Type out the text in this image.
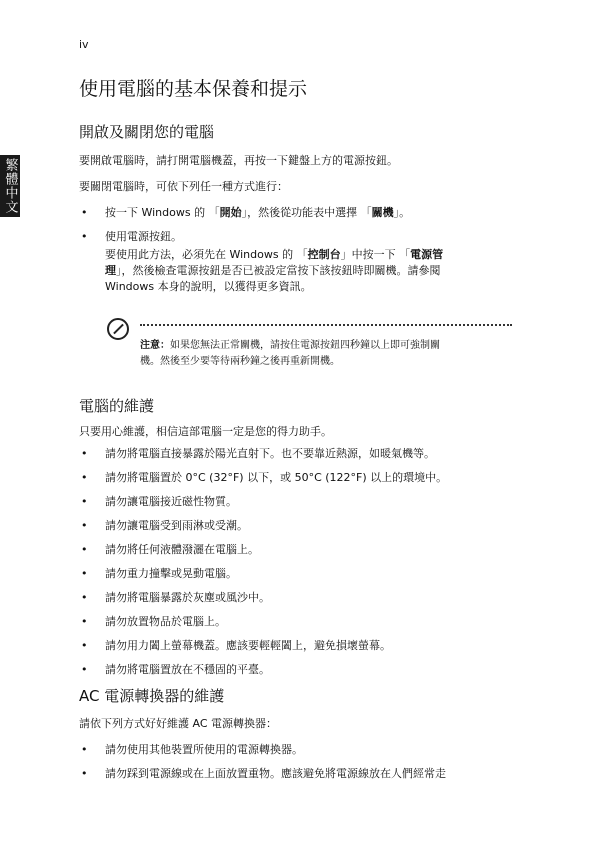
iv
繁體中文
使用電腦的基本保養和提示
開啟及關閉您的電腦

要開啟電腦時，請打開電腦機蓋，再按一下鍵盤上方的電源按鈕。

要關閉電腦時，可依下列任一種方式進行：

• 按一下 Windows 的 「開始」，然後從功能表中選擇 「關機」。
• 使用電源按鈕。

要使用此方法，必須先在 Windows 的 「控制台」中按一下 「電源管
理」，然後檢查電源按鈕是否已被設定當按下該按鈕時即關機。請參閱
Windows 本身的說明，以獲得更多資訊。

注意：如果您無法正常關機，請按住電源按鈕四秒鐘以上即可強制關
機。然後至少要等待兩秒鐘之後再重新開機。

電腦的維護

只要用心維護，相信這部電腦一定是您的得力助手。

• 請勿將電腦直接暴露於陽光直射下。也不要靠近熱源，如暖氣機等。
• 請勿將電腦置於 0°C (32°F) 以下，或 50°C (122°F) 以上的環境中。
• 請勿讓電腦接近磁性物質。
• 請勿讓電腦受到雨淋或受潮。
• 請勿將任何液體潑灑在電腦上。
• 請勿重力撞擊或晃動電腦。
• 請勿將電腦暴露於灰塵或風沙中。
• 請勿放置物品於電腦上。
• 請勿用力闔上螢幕機蓋。應該要輕輕闔上，避免損壞螢幕。
• 請勿將電腦置放在不穩固的平臺。
AC 電源轉換器的維護

請依下列方式好好維護 AC 電源轉換器：

• 請勿使用其他裝置所使用的電源轉換器。
• 請勿踩到電源線或在上面放置重物。應該避免將電源線放在人們經常走
